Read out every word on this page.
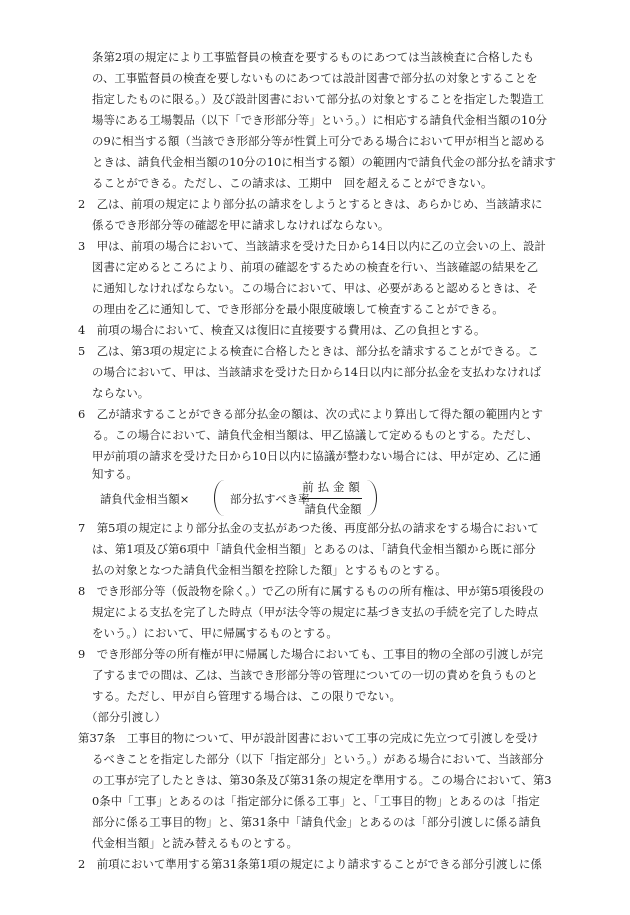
条第2項の規定により工事監督員の検査を要するものにあつては当該検査に合格したも
の、工事監督員の検査を要しないものにあつては設計図書で部分払の対象とすることを
指定したものに限る。）及び設計図書において部分払の対象とすることを指定した製造工
場等にある工場製品（以下「でき形部分等」という。）に相応する請負代金相当額の10分
の9に相当する額（当該でき形部分等が性質上可分である場合において甲が相当と認める
ときは、請負代金相当額の10分の10に相当する額）の範囲内で請負代金の部分払を請求す
ることができる。ただし、この請求は、工期中　回を超えることができない。
2　乙は、前項の規定により部分払の請求をしようとするときは、あらかじめ、当該請求に
係るでき形部分等の確認を甲に請求しなければならない。
3　甲は、前項の場合において、当該請求を受けた日から14日以内に乙の立会いの上、設計
図書に定めるところにより、前項の確認をするための検査を行い、当該確認の結果を乙
に通知しなければならない。この場合において、甲は、必要があると認めるときは、そ
の理由を乙に通知して、でき形部分を最小限度破壊して検査することができる。
4　前項の場合において、検査又は復旧に直接要する費用は、乙の負担とする。
5　乙は、第3項の規定による検査に合格したときは、部分払を請求することができる。こ
の場合において、甲は、当該請求を受けた日から14日以内に部分払金を支払わなければ
ならない。
6　乙が請求することができる部分払金の額は、次の式により算出して得た額の範囲内とす
る。この場合において、請負代金相当額は、甲乙協議して定めるものとする。ただし、
甲が前項の請求を受けた日から10日以内に協議が整わない場合には、甲が定め、乙に通
知する。
請負代金相当額×	部分払すべき率－
前払金額
請負代金額
7　第5項の規定により部分払金の支払があつた後、再度部分払の請求をする場合において
は、第1項及び第6項中「請負代金相当額」とあるのは、「請負代金相当額から既に部分
払の対象となつた請負代金相当額を控除した額」とするものとする。
8　でき形部分等（仮設物を除く。）で乙の所有に属するものの所有権は、甲が第5項後段の
規定による支払を完了した時点（甲が法令等の規定に基づき支払の手続を完了した時点
をいう。）において、甲に帰属するものとする。
9　でき形部分等の所有権が甲に帰属した場合においても、工事目的物の全部の引渡しが完
了するまでの間は、乙は、当該でき形部分等の管理についての一切の責めを負うものと
する。ただし、甲が自ら管理する場合は、この限りでない。
（部分引渡し）
第37条　工事目的物について、甲が設計図書において工事の完成に先立つて引渡しを受け
るべきことを指定した部分（以下「指定部分」という。）がある場合において、当該部分
の工事が完了したときは、第30条及び第31条の規定を準用する。この場合において、第3
0条中「工事」とあるのは「指定部分に係る工事」と、「工事目的物」とあるのは「指定
部分に係る工事目的物」と、第31条中「請負代金」とあるのは「部分引渡しに係る請負
代金相当額」と読み替えるものとする。
2　前項において準用する第31条第1項の規定により請求することができる部分引渡しに係
